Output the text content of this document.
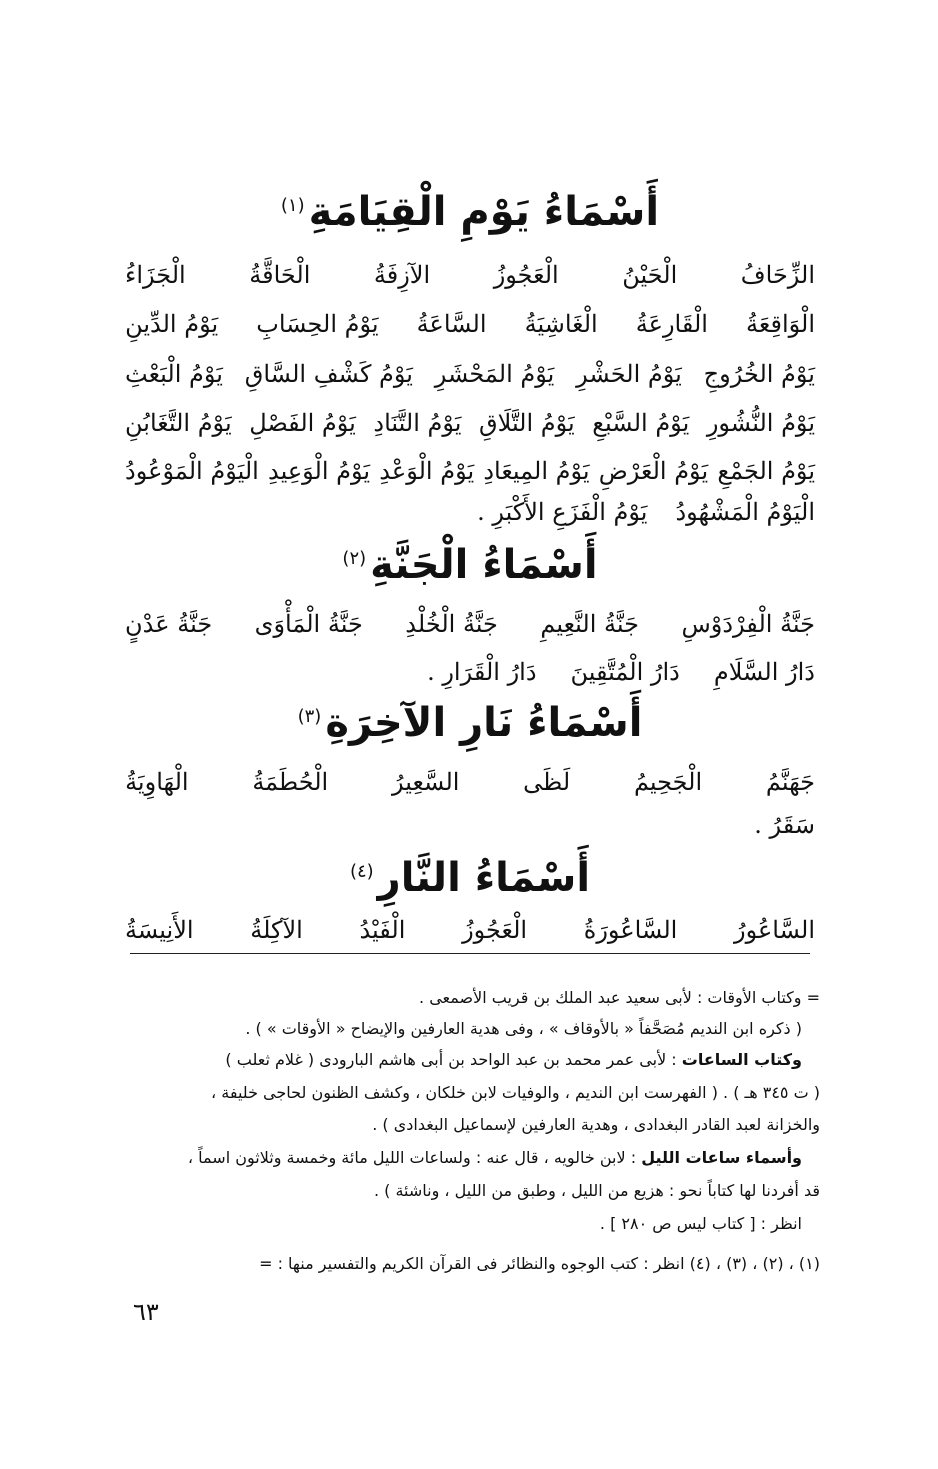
أَسْمَاءُ يَوْمِ الْقِيَامَةِ$^{(١)}$
الزِّحَافُ
الْحَيْنُ
الْعَجُوزُ
الآزِفَةُ
الْحَاقَّةُ
الْجَزَاءُ
الْوَاقِعَةُ
الْقَارِعَةُ
الْغَاشِيَةُ
السَّاعَةُ
يَوْمُ الحِسَابِ
يَوْمُ الدِّينِ
يَوْمُ الخُرُوجِ
يَوْمُ الحَشْرِ
يَوْمُ المَحْشَرِ
يَوْمُ كَشْفِ السَّاقِ
يَوْمُ الْبَعْثِ
يَوْمُ النُّشُورِ
يَوْمُ السَّبْعِ
يَوْمُ التَّلَاقِ
يَوْمُ التَّنَادِ
يَوْمُ الفَصْلِ
يَوْمُ التَّغَابُنِ
يَوْمُ الجَمْعِ
يَوْمُ الْعَرْضِ
يَوْمُ المِيعَادِ
يَوْمُ الْوَعْدِ
يَوْمُ الْوَعِيدِ
الْيَوْمُ الْمَوْعُودُ
الْيَوْمُ الْمَشْهُودُ
يَوْمُ الْفَزَعِ الأَكْبَرِ .
أَسْمَاءُ الْجَنَّةِ$^{(٢)}$
جَنَّةُ الْفِرْدَوْسِ
جَنَّةُ النَّعِيمِ
جَنَّةُ الْخُلْدِ
جَنَّةُ الْمَأْوَى
جَنَّةُ عَدْنٍ
دَارُ السَّلَامِ
دَارُ الْمُتَّقِينَ
دَارُ الْقَرَارِ .
أَسْمَاءُ نَارِ الآخِرَةِ$^{(٣)}$
جَهَنَّمُ
الْجَحِيمُ
لَظَى
السَّعِيرُ
الْحُطَمَةُ
الْهَاوِيَةُ
سَقَرُ .
أَسْمَاءُ النَّارِ$^{(٤)}$
السَّاعُورُ
السَّاعُورَةُ
الْعَجُوزُ
الْفَيْدُ
الآكِلَةُ
الأَنِيسَةُ
= وكتاب الأوقات : لأبى سعيد عبد الملك بن قريب الأصمعى .
( ذكره ابن النديم مُصَحَّفاً « بالأوقاف » ، وفى هدية العارفين والإيضاح « الأوقات » ) .
وكتاب الساعات : لأبى عمر محمد بن عبد الواحد بن أبى هاشم البارودى ( غلام ثعلب )
( ت ٣٤٥ هـ ) . ( الفهرست ابن النديم ، والوفيات لابن خلكان ، وكشف الظنون لحاجى خليفة ،
والخزانة لعبد القادر البغدادى ، وهدية العارفين لإسماعيل البغدادى ) .
وأسماء ساعات الليل : لابن خالويه ، قال عنه : ولساعات الليل مائة وخمسة وثلاثون اسماً ،
قد أفردنا لها كتاباً نحو : هزيع من الليل ، وطبق من الليل ، وناشئة ) .
انظر : [ كتاب ليس ص ٢٨٠ ] .
(١) ، (٢) ، (٣) ، (٤) انظر : كتب الوجوه والنظائر فى القرآن الكريم والتفسير منها : =
٦٣
